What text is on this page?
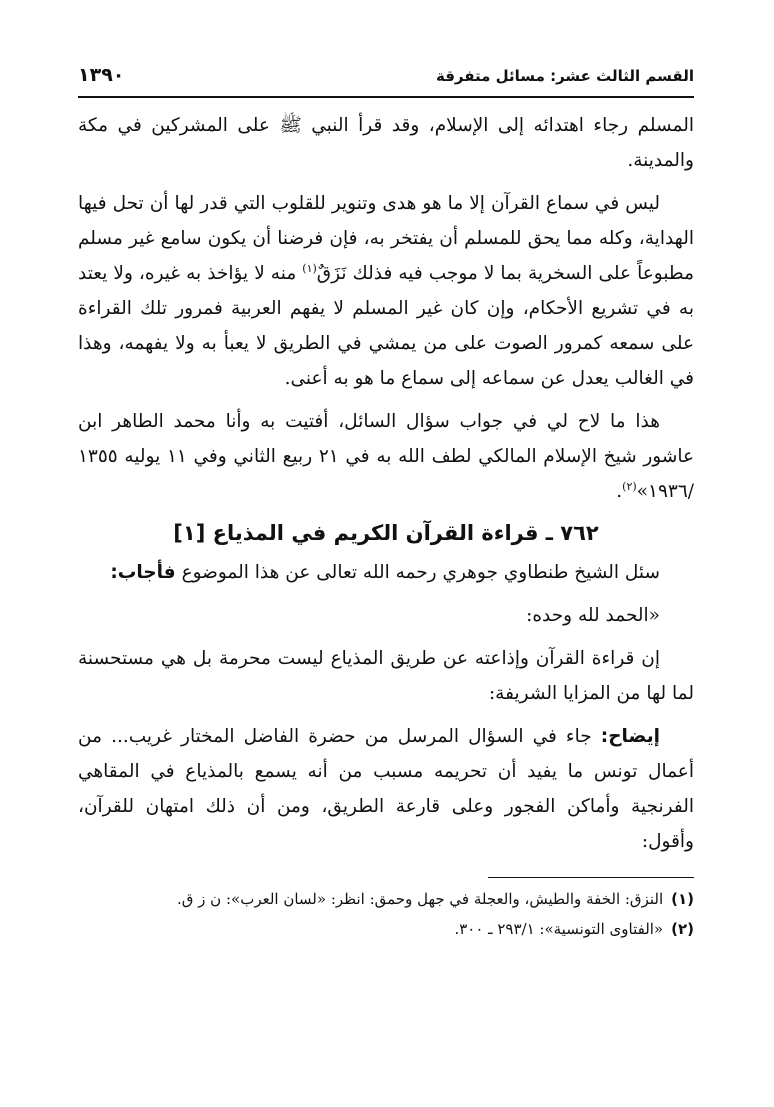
القسم الثالث عشر: مسائل متفرقة
١٣٩٠

المسلم رجاء اهتدائه إلى الإسلام، وقد قرأ النبي ﷺ على المشركين في مكة والمدينة.

ليس في سماع القرآن إلا ما هو هدى وتنوير للقلوب التي قدر لها أن تحل فيها الهداية، وكله مما يحق للمسلم أن يفتخر به، فإن فرضنا أن يكون سامع غير مسلم مطبوعاً على السخرية بما لا موجب فيه فذلك نَزَقٌ$^{(١)}$ منه لا يؤاخذ به غيره، ولا يعتد به في تشريع الأحكام، وإن كان غير المسلم لا يفهم العربية فمرور تلك القراءة على سمعه كمرور الصوت على من يمشي في الطريق لا يعبأ به ولا يفهمه، وهذا في الغالب يعدل عن سماعه إلى سماع ما هو به أعنى.

هذا ما لاح لي في جواب سؤال السائل، أفتيت به وأنا محمد الطاهر ابن عاشور شيخ الإسلام المالكي لطف الله به في ٢١ ربيع الثاني وفي ١١ يوليه ١٣٥٥ /١٩٣٦»$^{(٢)}$.

٧٦٢ ـ قراءة القرآن الكريم في المذياع [١]

سئل الشيخ طنطاوي جوهري رحمه الله تعالى عن هذا الموضوع فأجاب:

«الحمد لله وحده:

إن قراءة القرآن وإذاعته عن طريق المذياع ليست محرمة بل هي مستحسنة لما لها من المزايا الشريفة:

إيضاح: جاء في السؤال المرسل من حضرة الفاضل المختار غريب... من أعمال تونس ما يفيد أن تحريمه مسبب من أنه يسمع بالمذياع في المقاهي الفرنجية وأماكن الفجور وعلى قارعة الطريق، ومن أن ذلك امتهان للقرآن، وأقول:

(١)النزق: الخفة والطيش، والعجلة في جهل وحمق: انظر: «لسان العرب»: ن ز ق.

(٢)«الفتاوى التونسية»: ٢٩٣/١ ـ ٣٠٠.
